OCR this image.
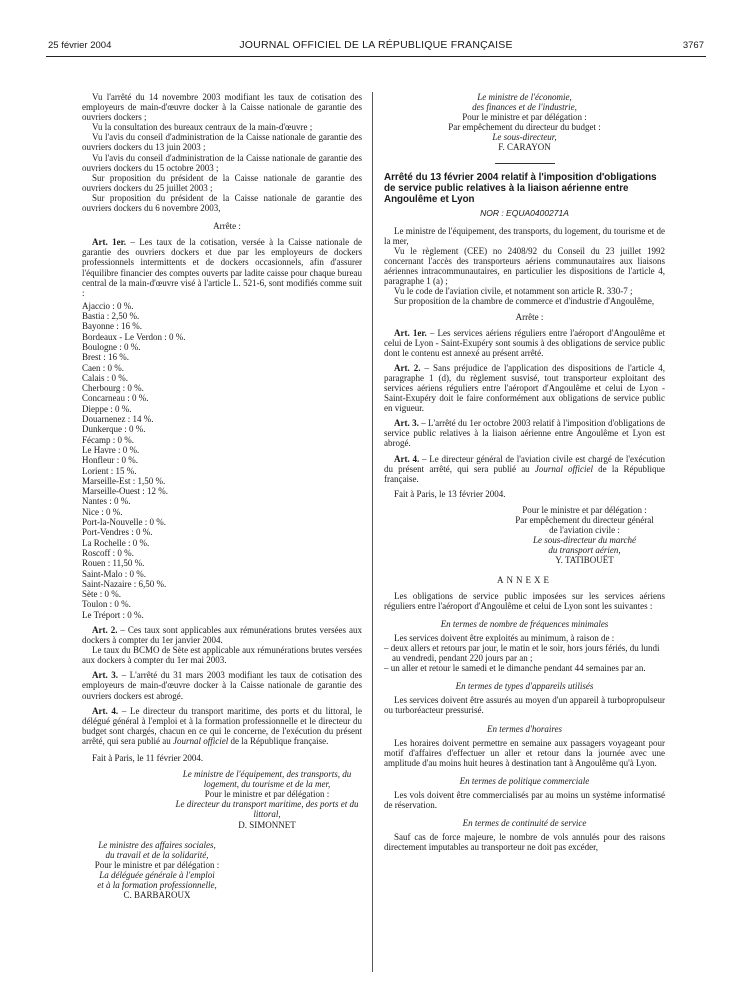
25 février 2004	JOURNAL OFFICIEL DE LA RÉPUBLIQUE FRANÇAISE	3767

Vu l'arrêté du 14 novembre 2003 modifiant les taux de cotisation des employeurs de main-d'œuvre docker à la Caisse nationale de garantie des ouvriers dockers ;

Vu la consultation des bureaux centraux de la main-d'œuvre ;

Vu l'avis du conseil d'administration de la Caisse nationale de garantie des ouvriers dockers du 13 juin 2003 ;

Vu l'avis du conseil d'administration de la Caisse nationale de garantie des ouvriers dockers du 15 octobre 2003 ;

Sur proposition du président de la Caisse nationale de garantie des ouvriers dockers du 25 juillet 2003 ;

Sur proposition du président de la Caisse nationale de garantie des ouvriers dockers du 6 novembre 2003,

Arrête :

Art. 1er. – Les taux de la cotisation, versée à la Caisse nationale de garantie des ouvriers dockers et due par les employeurs de dockers professionnels intermittents et de dockers occasionnels, afin d'assurer l'équilibre financier des comptes ouverts par ladite caisse pour chaque bureau central de la main-d'œuvre visé à l'article L. 521-6, sont modifiés comme suit :

Ajaccio : 0 %.
Bastia : 2,50 %.
Bayonne : 16 %.
Bordeaux - Le Verdon : 0 %.
Boulogne : 0 %.
Brest : 16 %.
Caen : 0 %.
Calais : 0 %.
Cherbourg : 0 %.
Concarneau : 0 %.
Dieppe : 0 %.
Douarnenez : 14 %.
Dunkerque : 0 %.
Fécamp : 0 %.
Le Havre : 0 %.
Honfleur : 0 %.
Lorient : 15 %.
Marseille-Est : 1,50 %.
Marseille-Ouest : 12 %.
Nantes : 0 %.
Nice : 0 %.
Port-la-Nouvelle : 0 %.
Port-Vendres : 0 %.
La Rochelle : 0 %.
Roscoff : 0 %.
Rouen : 11,50 %.
Saint-Malo : 0 %.
Saint-Nazaire : 6,50 %.
Sète : 0 %.
Toulon : 0 %.
Le Tréport : 0 %.

Art. 2. – Ces taux sont applicables aux rémunérations brutes versées aux dockers à compter du 1er janvier 2004.

Le taux du BCMO de Sète est applicable aux rémunérations brutes versées aux dockers à compter du 1er mai 2003.

Art. 3. – L'arrêté du 31 mars 2003 modifiant les taux de cotisation des employeurs de main-d'œuvre docker à la Caisse nationale de garantie des ouvriers dockers est abrogé.

Art. 4. – Le directeur du transport maritime, des ports et du littoral, le délégué général à l'emploi et à la formation professionnelle et le directeur du budget sont chargés, chacun en ce qui le concerne, de l'exécution du présent arrêté, qui sera publié au Journal officiel de la République française.

Fait à Paris, le 11 février 2004.

Le ministre de l'équipement, des transports, du logement, du tourisme et de la mer,
Pour le ministre et par délégation :
Le directeur du transport maritime, des ports et du littoral,
D. SIMONNET
Le ministre des affaires sociales,
du travail et de la solidarité,
Pour le ministre et par délégation :
La déléguée générale à l'emploi
et à la formation professionnelle,
C. BARBAROUX
Le ministre de l'économie,
des finances et de l'industrie,
Pour le ministre et par délégation :
Par empêchement du directeur du budget :
Le sous-directeur,
F. CARAYON

Arrêté du 13 février 2004 relatif à l'imposition d'obligations de service public relatives à la liaison aérienne entre Angoulême et Lyon

NOR : EQUA0400271A

Le ministre de l'équipement, des transports, du logement, du tourisme et de la mer,

Vu le règlement (CEE) no 2408/92 du Conseil du 23 juillet 1992 concernant l'accès des transporteurs aériens communautaires aux liaisons aériennes intracommunautaires, en particulier les dispositions de l'article 4, paragraphe 1 (a) ;

Vu le code de l'aviation civile, et notamment son article R. 330-7 ;

Sur proposition de la chambre de commerce et d'industrie d'Angoulême,

Arrête :

Art. 1er. – Les services aériens réguliers entre l'aéroport d'Angoulême et celui de Lyon - Saint-Exupéry sont soumis à des obligations de service public dont le contenu est annexé au présent arrêté.

Art. 2. – Sans préjudice de l'application des dispositions de l'article 4, paragraphe 1 (d), du règlement susvisé, tout transporteur exploitant des services aériens réguliers entre l'aéroport d'Angoulême et celui de Lyon - Saint-Exupéry doit le faire conformément aux obligations de service public en vigueur.

Art. 3. – L'arrêté du 1er octobre 2003 relatif à l'imposition d'obligations de service public relatives à la liaison aérienne entre Angoulême et Lyon est abrogé.

Art. 4. – Le directeur général de l'aviation civile est chargé de l'exécution du présent arrêté, qui sera publié au Journal officiel de la République française.

Fait à Paris, le 13 février 2004.

Pour le ministre et par délégation :
Par empêchement du directeur général
de l'aviation civile :
Le sous-directeur du marché
du transport aérien,
Y. TATIBOUËT
ANNEXE

Les obligations de service public imposées sur les services aériens réguliers entre l'aéroport d'Angoulême et celui de Lyon sont les suivantes :

En termes de nombre de fréquences minimales

Les services doivent être exploités au minimum, à raison de :

– deux allers et retours par jour, le matin et le soir, hors jours fériés, du lundi au vendredi, pendant 220 jours par an ;

– un aller et retour le samedi et le dimanche pendant 44 semaines par an.

En termes de types d'appareils utilisés

Les services doivent être assurés au moyen d'un appareil à turbopropulseur ou turboréacteur pressurisé.

En termes d'horaires

Les horaires doivent permettre en semaine aux passagers voyageant pour motif d'affaires d'effectuer un aller et retour dans la journée avec une amplitude d'au moins huit heures à destination tant à Angoulême qu'à Lyon.

En termes de politique commerciale

Les vols doivent être commercialisés par au moins un système informatisé de réservation.

En termes de continuité de service

Sauf cas de force majeure, le nombre de vols annulés pour des raisons directement imputables au transporteur ne doit pas excéder,
